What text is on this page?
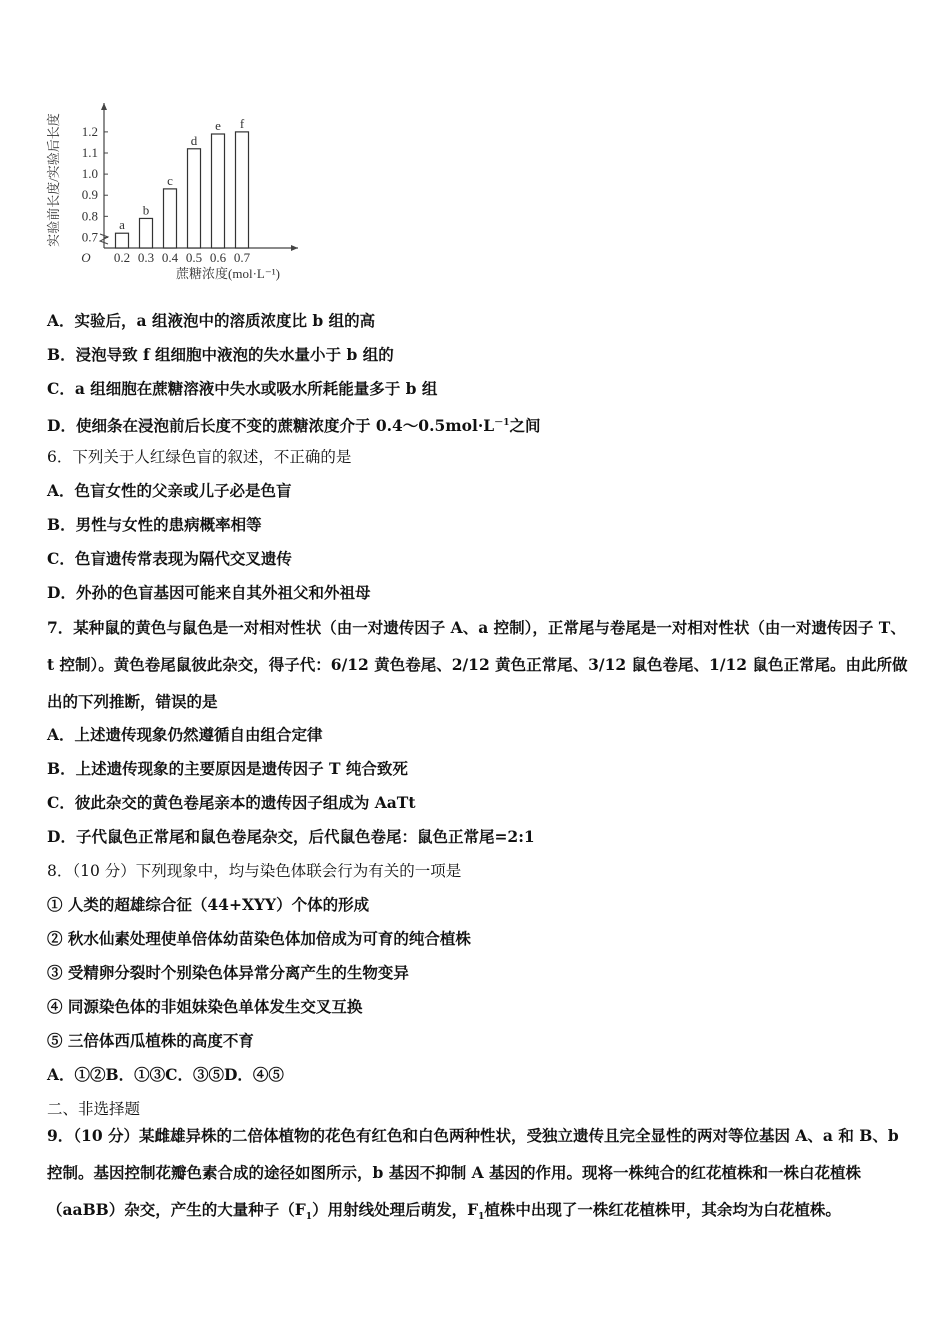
0.7
0.8
0.9
1.0
1.1
1.2
O
a
0.2
b
0.3
c
0.4
d
0.5
e
0.6
f
0.7
蔗糖浓度(mol·L⁻¹)
实验前长度/实验后长度
A．实验后，a 组液泡中的溶质浓度比 b 组的高
B．浸泡导致 f 组细胞中液泡的失水量小于 b 组的
C．a 组细胞在蔗糖溶液中失水或吸水所耗能量多于 b 组
D．使细条在浸泡前后长度不变的蔗糖浓度介于 $0.4\sim 0.5mol\cdot L^{-1}$之间
6．下列关于人红绿色盲的叙述，不正确的是
A．色盲女性的父亲或儿子必是色盲
B．男性与女性的患病概率相等
C．色盲遗传常表现为隔代交叉遗传
D．外孙的色盲基因可能来自其外祖父和外祖母
7．某种鼠的黄色与鼠色是一对相对性状（由一对遗传因子 A、a 控制），正常尾与卷尾是一对相对性状（由一对遗传因子 T、t 控制）。黄色卷尾鼠彼此杂交，得子代：6/12 黄色卷尾、2/12 黄色正常尾、3/12 鼠色卷尾、1/12 鼠色正常尾。由此所做出的下列推断，错误的是
A．上述遗传现象仍然遵循自由组合定律
B．上述遗传现象的主要原因是遗传因子 T 纯合致死
C．彼此杂交的黄色卷尾亲本的遗传因子组成为 AaTt
D．子代鼠色正常尾和鼠色卷尾杂交，后代鼠色卷尾：鼠色正常尾=2:1
8．（10 分）下列现象中，均与染色体联会行为有关的一项是
① 人类的超雄综合征（44+XYY）个体的形成
② 秋水仙素处理使单倍体幼苗染色体加倍成为可育的纯合植株
③ 受精卵分裂时个别染色体异常分离产生的生物变异
④ 同源染色体的非姐妹染色单体发生交叉互换
⑤ 三倍体西瓜植株的高度不育
A．①②B．①③C．③⑤D．④⑤
二、非选择题
9．（10 分）某雌雄异株的二倍体植物的花色有红色和白色两种性状，受独立遗传且完全显性的两对等位基因 A、a 和 B、b 控制。基因控制花瓣色素合成的途径如图所示，b 基因不抑制 A 基因的作用。现将一株纯合的红花植株和一株白花植株（aaBB）杂交，产生的大量种子$(F_1)$用射线处理后萌发，$F_1$植株中出现了一株红花植株甲，其余均为白花植株。
